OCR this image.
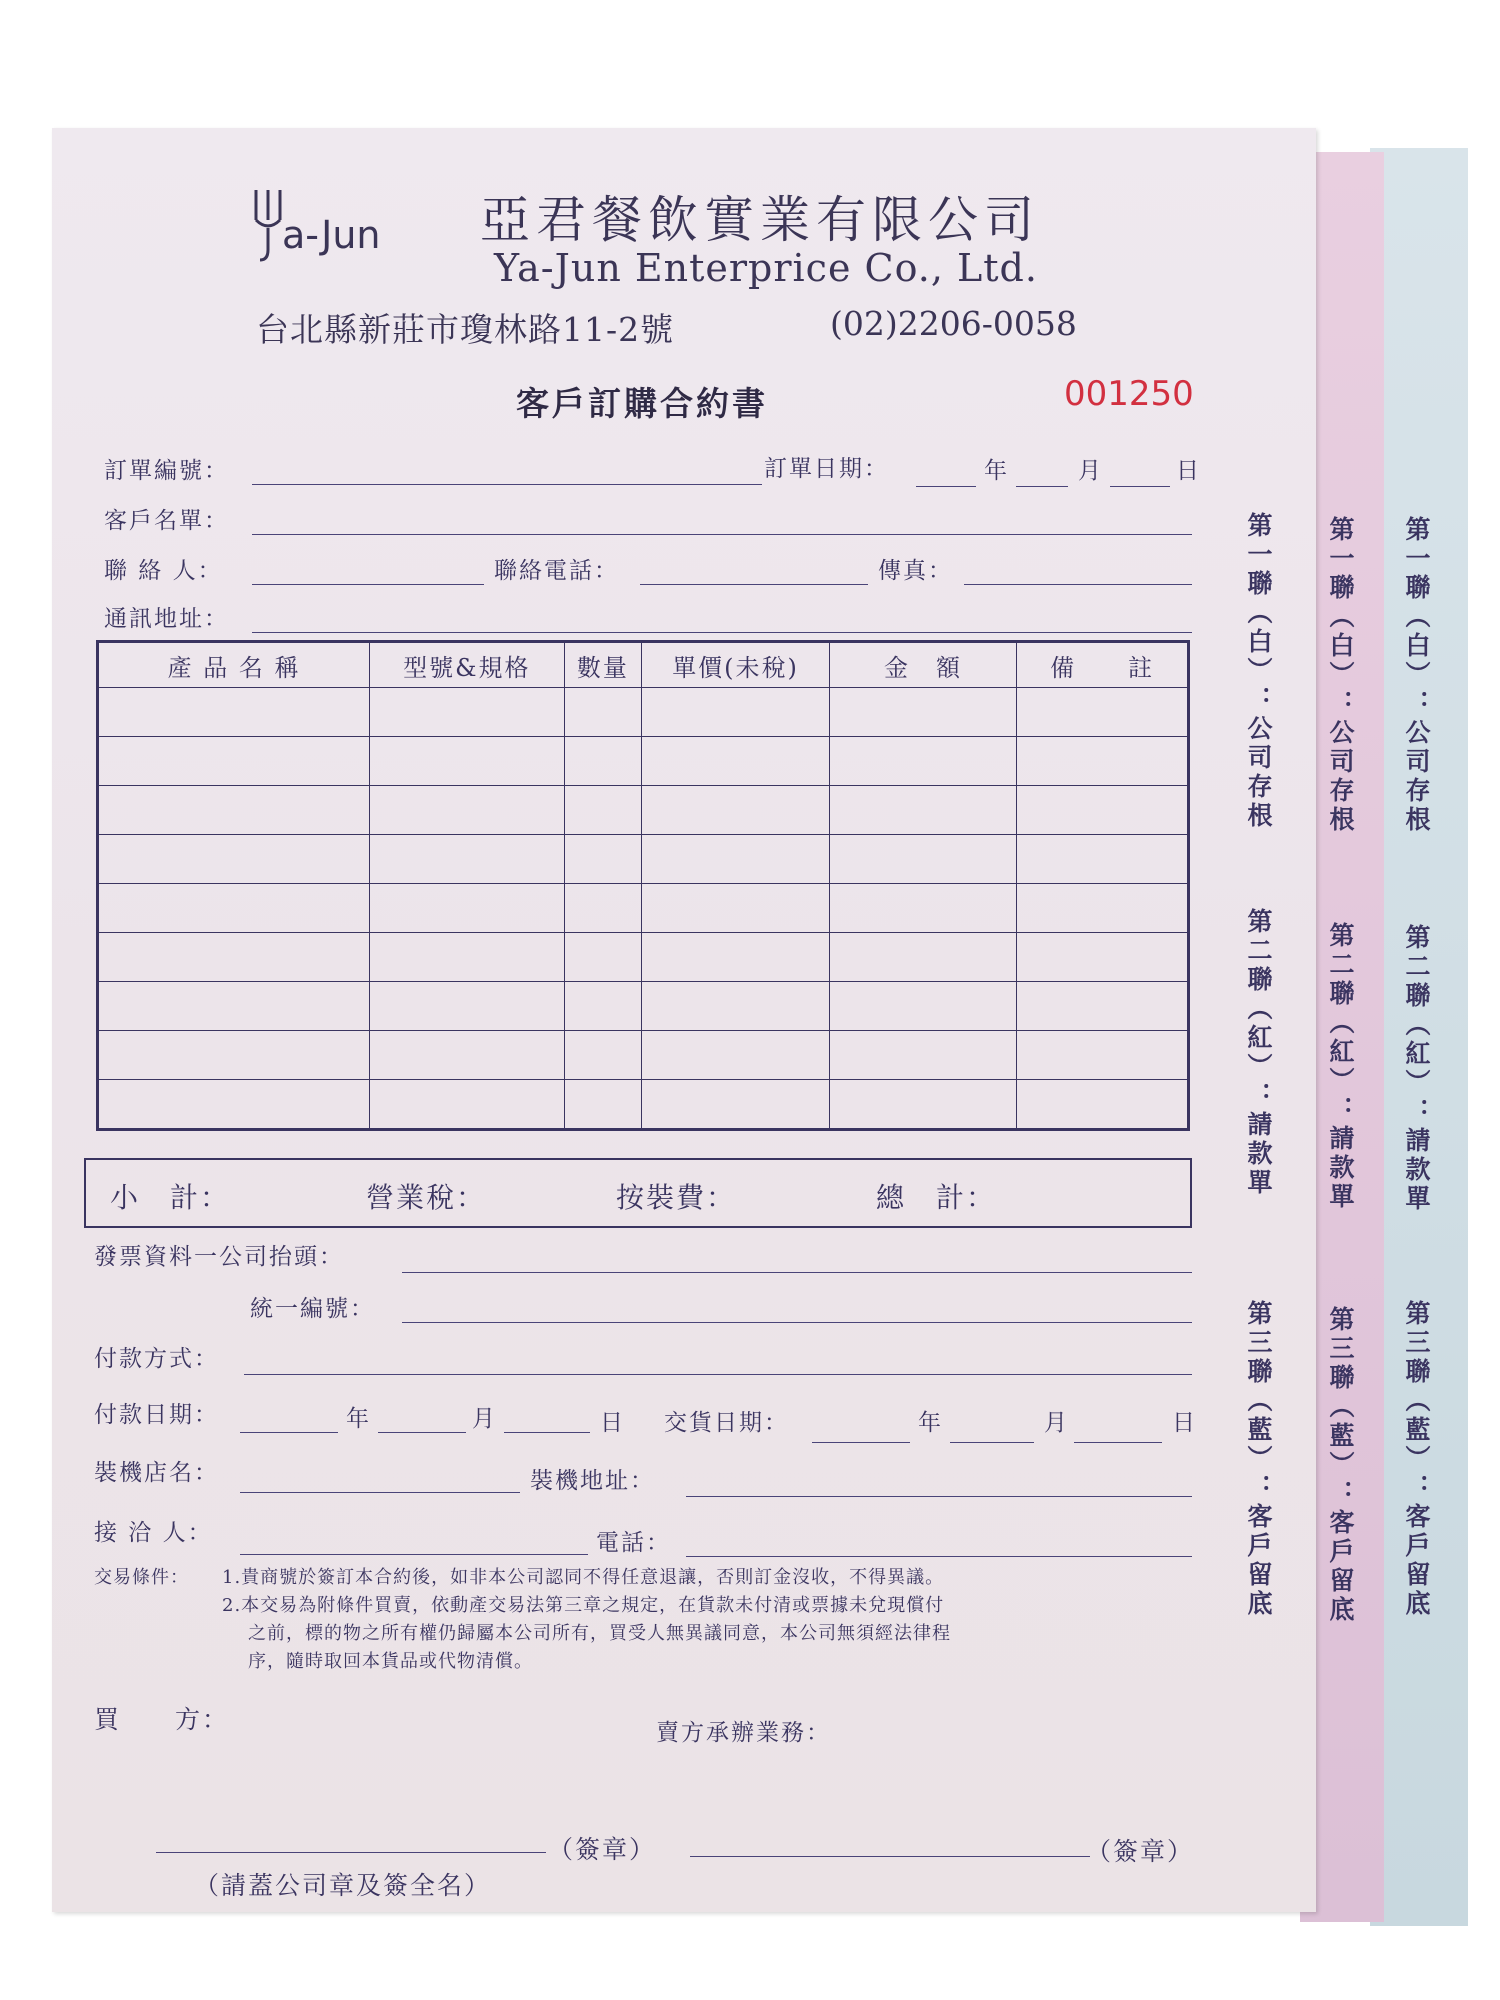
a-Jun 亞君餐飲實業有限公司
Ya-Jun Enterprice Co., Ltd.
台北縣新莊市瓊林路11-2號	(02)2206-0058
客戶訂購合約書	001250
訂單編號：	訂單日期：	年	月	日
客戶名單：
聯 絡 人：	聯絡電話：	傳真：
通訊地址：
產 品 名 稱	型號&規格	數量	單價(未稅)	金　額	備　　註

小　計：	營業稅：	按裝費：	總　計：
發票資料一公司抬頭：
統一編號：
付款方式：
付款日期：	年	月	日 交貨日期：	年	月	日
裝機店名：	裝機地址：
接 洽 人：	電話：
交易條件： 1.貴商號於簽訂本合約後，如非本公司認同不得任意退讓，否則訂金沒收，不得異議。
2.本交易為附條件買賣，依動產交易法第三章之規定，在貨款未付清或票據未兌現償付
之前，標的物之所有權仍歸屬本公司所有，買受人無異議同意，本公司無須經法律程
序，隨時取回本貨品或代物清償。
買　　方：	賣方承辦業務：
（簽章）	（簽章）
（請蓋公司章及簽全名）
第一聯（白）：公司存根
第二聯（紅）：請款單
第三聯（藍）：客戶留底
第一聯（白）：公司存根
第二聯（紅）：請款單
第三聯（藍）：客戶留底
第一聯（白）：公司存根
第二聯（紅）：請款單
第三聯（藍）：客戶留底
